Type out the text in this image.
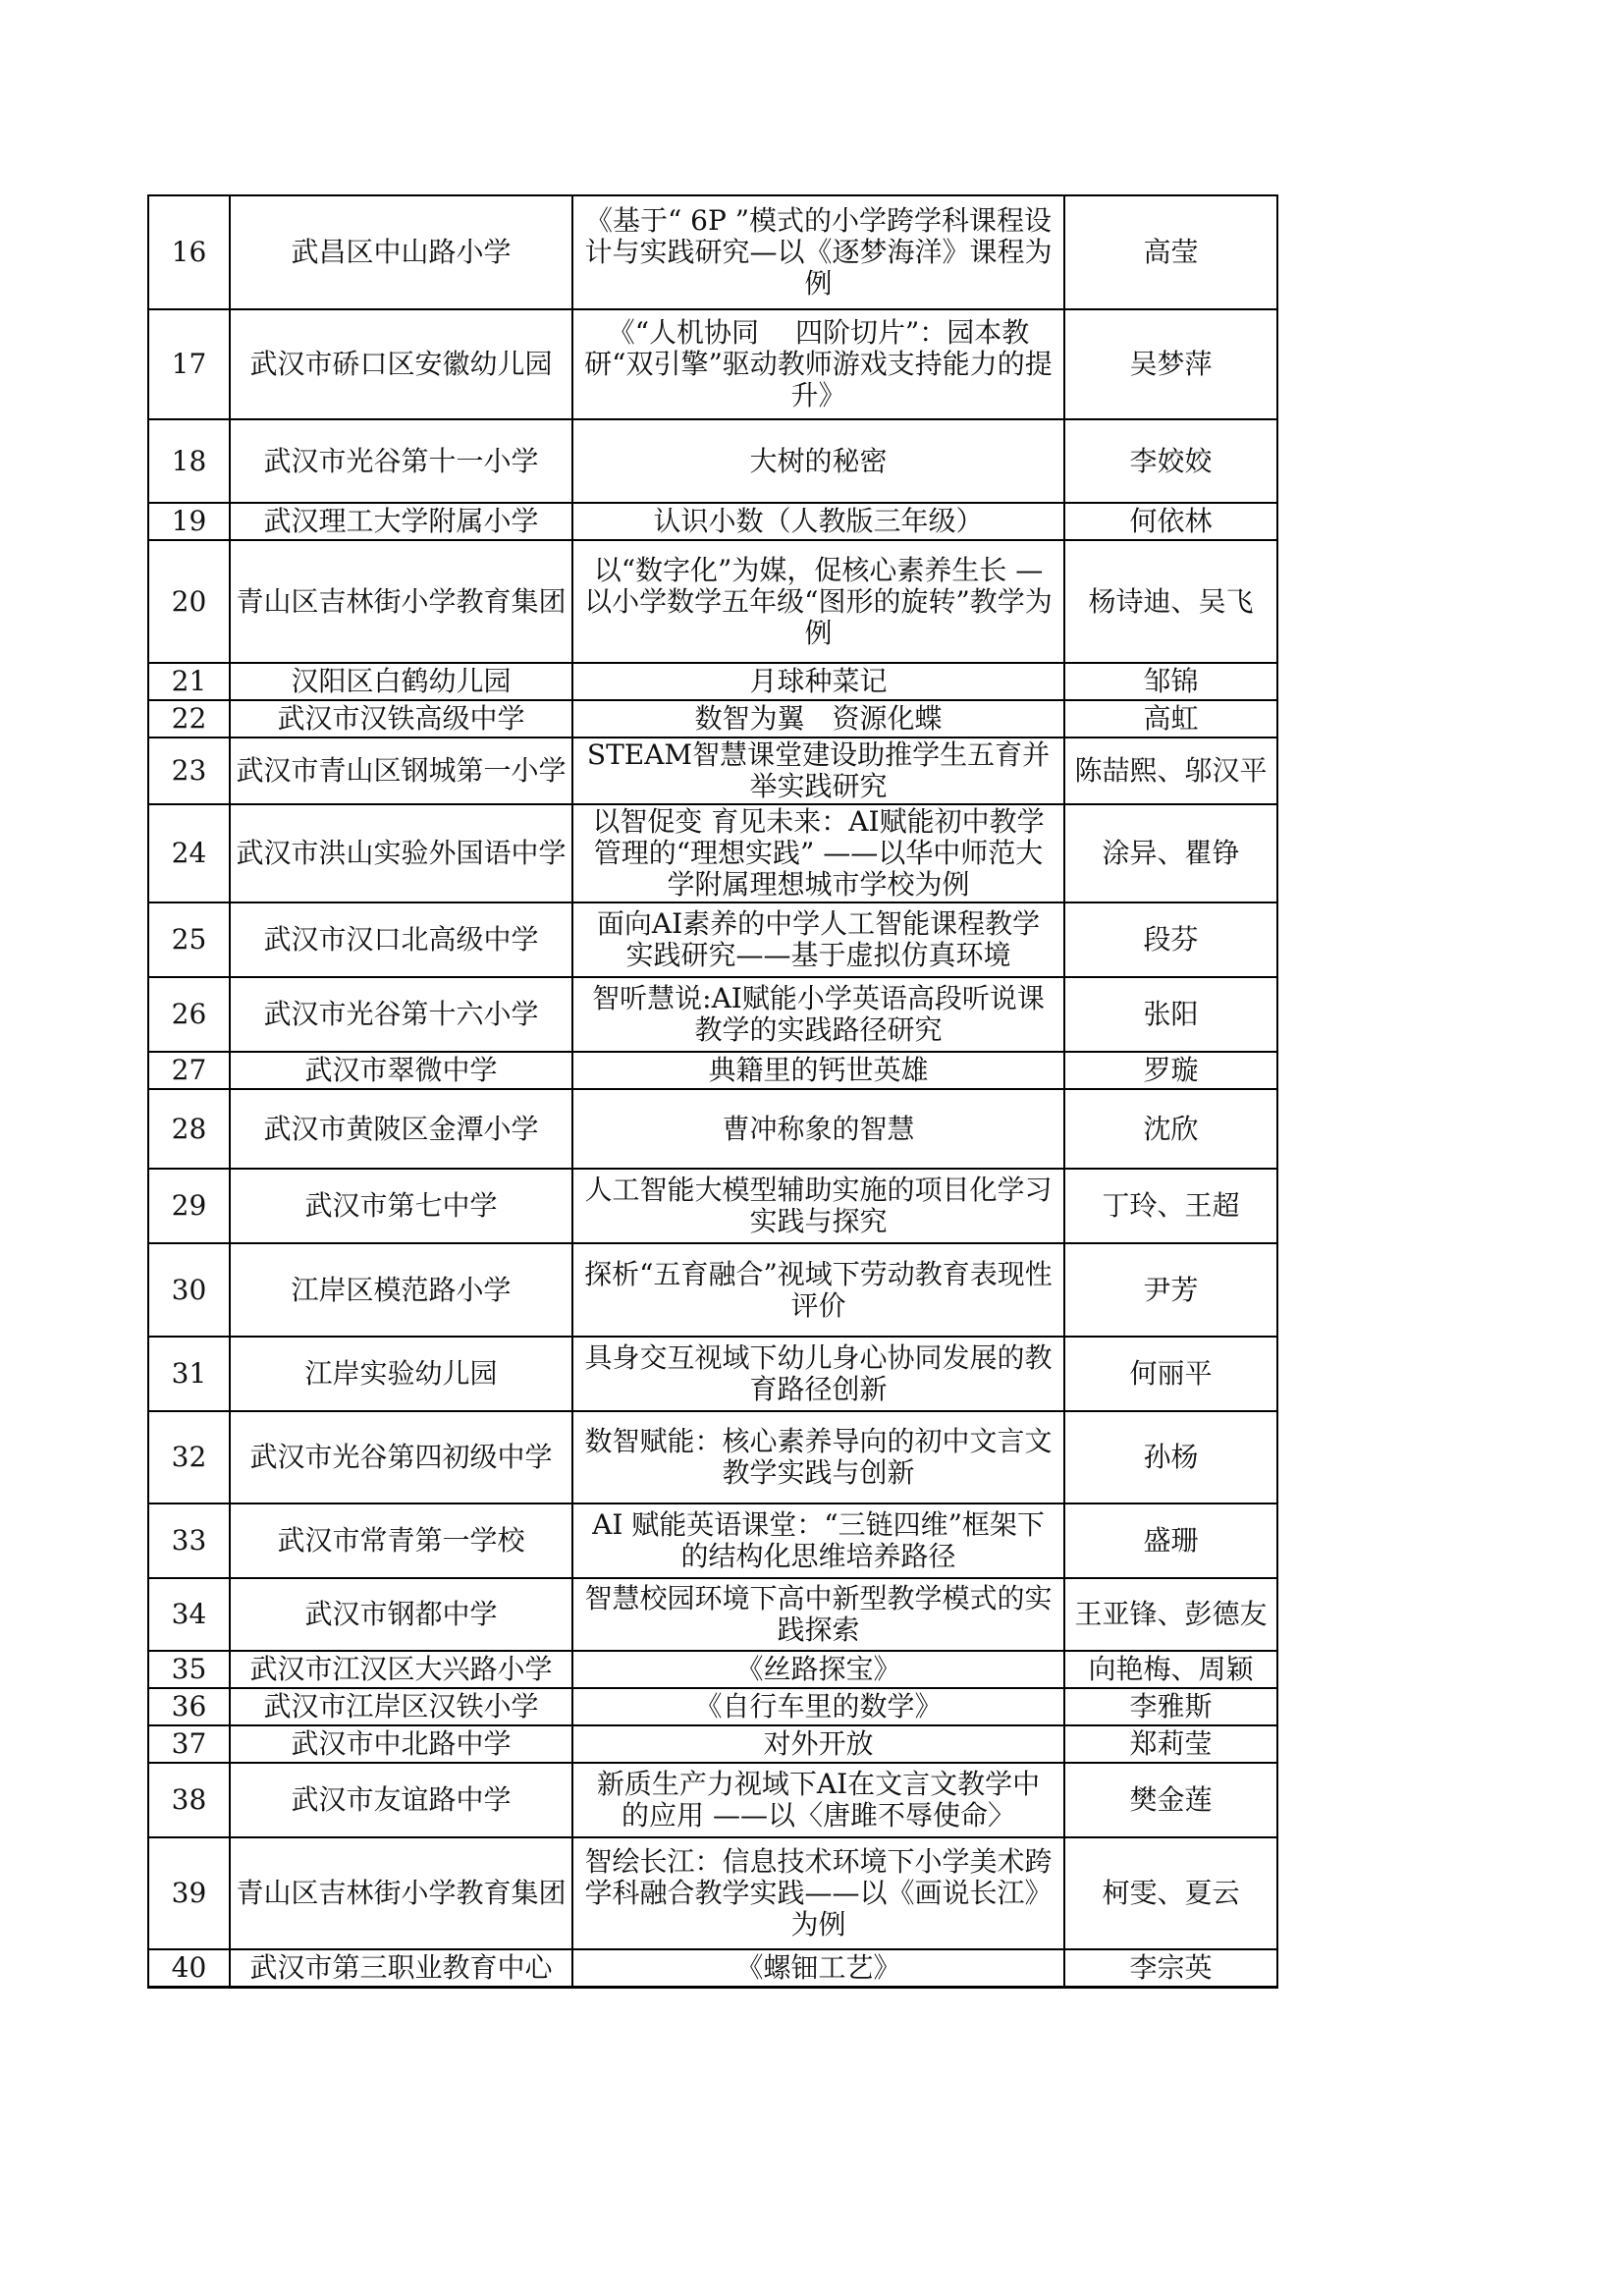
16	武昌区中山路小学	《基于“ 6P ”模式的小学跨学科课程设计与实践研究—以《逐梦海洋》课程为例	高莹
17	武汉市硚口区安徽幼儿园	《“人机协同　 四阶切片”：园本教研“双引擎”驱动教师游戏支持能力的提升》	吴梦萍
18	武汉市光谷第十一小学	大树的秘密	李姣姣
19	武汉理工大学附属小学	认识小数（人教版三年级）	何依林
20	青山区吉林街小学教育集团	以“数字化”为媒，促核心素养生长 —以小学数学五年级“图形的旋转”教学为例	杨诗迪、吴飞
21	汉阳区白鹤幼儿园	月球种菜记	邹锦
22	武汉市汉铁高级中学	数智为翼　资源化蝶	高虹
23	武汉市青山区钢城第一小学	STEAM智慧课堂建设助推学生五育并举实践研究	陈喆熙、邬汉平
24	武汉市洪山实验外国语中学	以智促变 育见未来：AI赋能初中教学管理的“理想实践” ——以华中师范大学附属理想城市学校为例	涂异、瞿铮
25	武汉市汉口北高级中学	面向AI素养的中学人工智能课程教学实践研究——基于虚拟仿真环境	段芬
26	武汉市光谷第十六小学	智听慧说:AI赋能小学英语高段听说课教学的实践路径研究	张阳
27	武汉市翠微中学	典籍里的钙世英雄	罗璇
28	武汉市黄陂区金潭小学	曹冲称象的智慧	沈欣
29	武汉市第七中学	人工智能大模型辅助实施的项目化学习实践与探究	丁玲、王超
30	江岸区模范路小学	探析“五育融合”视域下劳动教育表现性评价	尹芳
31	江岸实验幼儿园	具身交互视域下幼儿身心协同发展的教育路径创新	何丽平
32	武汉市光谷第四初级中学	数智赋能：核心素养导向的初中文言文教学实践与创新	孙杨
33	武汉市常青第一学校	AI 赋能英语课堂：“三链四维”框架下的结构化思维培养路径	盛珊
34	武汉市钢都中学	智慧校园环境下高中新型教学模式的实践探索	王亚锋、彭德友
35	武汉市江汉区大兴路小学	《丝路探宝》	向艳梅、周颖
36	武汉市江岸区汉铁小学	《自行车里的数学》	李雅斯
37	武汉市中北路中学	对外开放	郑莉莹
38	武汉市友谊路中学	新质生产力视域下AI在文言文教学中的应用 ——以〈唐雎不辱使命〉	樊金莲
39	青山区吉林街小学教育集团	智绘长江：信息技术环境下小学美术跨学科融合教学实践——以《画说长江》为例	柯雯、夏云
40	武汉市第三职业教育中心	《螺钿工艺》	李宗英
